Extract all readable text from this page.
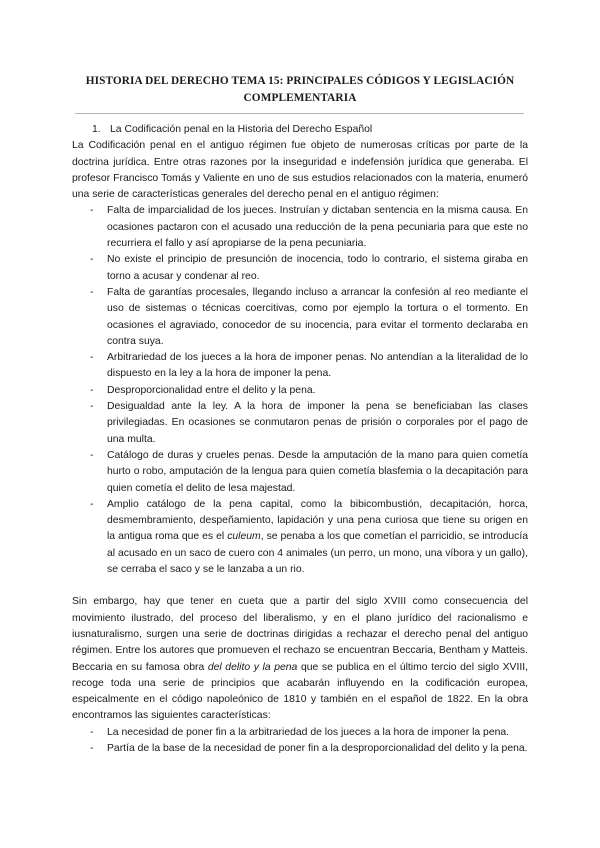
HISTORIA DEL DERECHO TEMA 15: PRINCIPALES CÓDIGOS Y LEGISLACIÓN COMPLEMENTARIA
1. La Codificación penal en la Historia del Derecho Español

La Codificación penal en el antiguo régimen fue objeto de numerosas críticas por parte de la doctrina jurídica. Entre otras razones por la inseguridad e indefensión jurídica que generaba. El profesor Francisco Tomás y Valiente en uno de sus estudios relacionados con la materia, enumeró una serie de características generales del derecho penal en el antiguo régimen:

- Falta de imparcialidad de los jueces. Instruían y dictaban sentencia en la misma causa. En ocasiones pactaron con el acusado una reducción de la pena pecuniaria para que este no recurriera el fallo y así apropiarse de la pena pecuniaria.
- No existe el principio de presunción de inocencia, todo lo contrario, el sistema giraba en torno a acusar y condenar al reo.
- Falta de garantías procesales, llegando incluso a arrancar la confesión al reo mediante el uso de sistemas o técnicas coercitivas, como por ejemplo la tortura o el tormento. En ocasiones el agraviado, conocedor de su inocencia, para evitar el tormento declaraba en contra suya.
- Arbitrariedad de los jueces a la hora de imponer penas. No antendían a la literalidad de lo dispuesto en la ley a la hora de imponer la pena.
- Desproporcionalidad entre el delito y la pena.
- Desigualdad ante la ley. A la hora de imponer la pena se beneficiaban las clases privilegiadas. En ocasiones se conmutaron penas de prisión o corporales por el pago de una multa.
- Catálogo de duras y crueles penas. Desde la amputación de la mano para quien cometía hurto o robo, amputación de la lengua para quien cometía blasfemia o la decapitación para quien cometía el delito de lesa majestad.
- Amplio catálogo de la pena capital, como la bibicombustión, decapitación, horca, desmembramiento, despeñamiento, lapidación y una pena curiosa que tiene su origen en la antigua roma que es el culeum, se penaba a los que cometían el parricidio, se introducía al acusado en un saco de cuero con 4 animales (un perro, un mono, una víbora y un gallo), se cerraba el saco y se le lanzaba a un rio.

Sin embargo, hay que tener en cueta que a partir del siglo XVIII como consecuencia del movimiento ilustrado, del proceso del liberalismo, y en el plano jurídico del racionalismo e iusnaturalismo, surgen una serie de doctrinas dirigidas a rechazar el derecho penal del antiguo régimen. Entre los autores que promueven el rechazo se encuentran Beccaria, Bentham y Matteis. Beccaria en su famosa obra del delito y la pena que se publica en el último tercio del siglo XVIII, recoge toda una serie de principios que acabarán influyendo en la codificación europea, espeicalmente en el código napoleónico de 1810 y también en el español de 1822. En la obra encontramos las siguientes características:

- La necesidad de poner fin a la arbitrariedad de los jueces a la hora de imponer la pena.
- Partía de la base de la necesidad de poner fin a la desproporcionalidad del delito y la pena.
